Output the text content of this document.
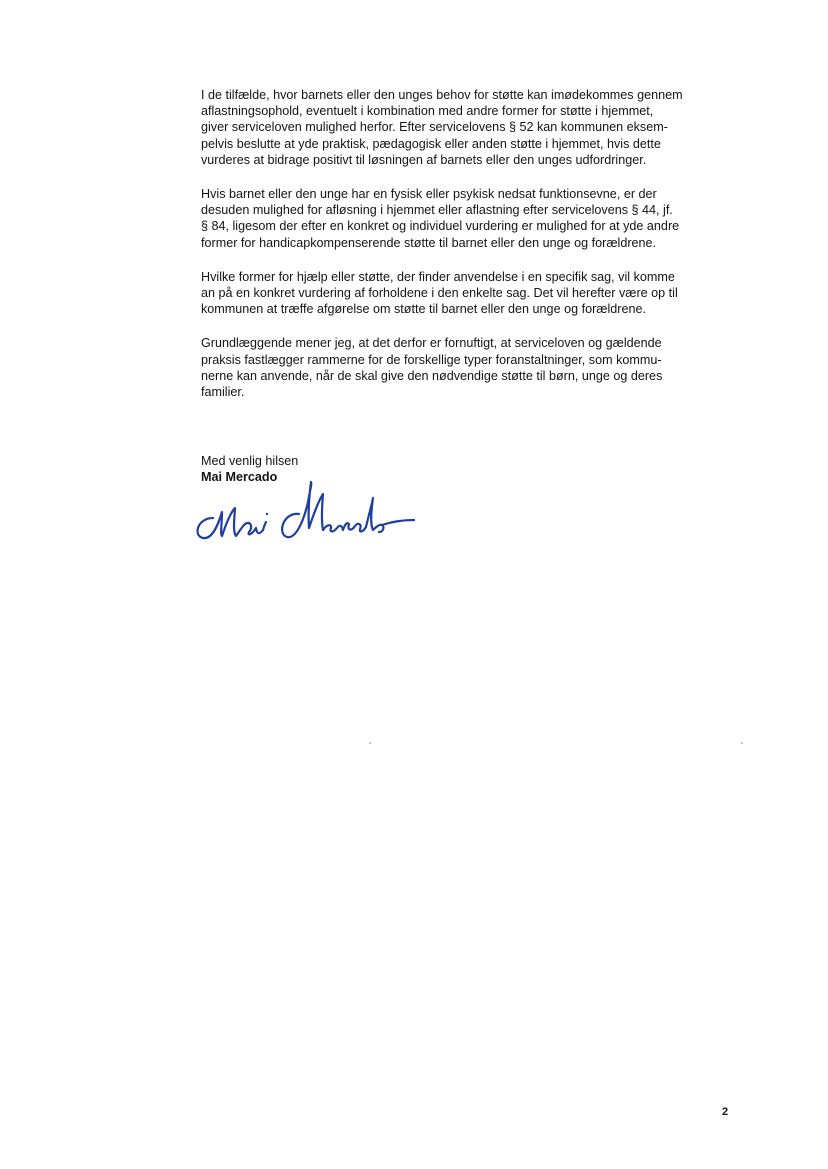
I de tilfælde, hvor barnets eller den unges behov for støtte kan imødekommes gennem
aflastningsophold, eventuelt i kombination med andre former for støtte i hjemmet,
giver serviceloven mulighed herfor. Efter servicelovens § 52 kan kommunen eksem-
pelvis beslutte at yde praktisk, pædagogisk eller anden støtte i hjemmet, hvis dette
vurderes at bidrage positivt til løsningen af barnets eller den unges udfordringer.

Hvis barnet eller den unge har en fysisk eller psykisk nedsat funktionsevne, er der
desuden mulighed for afløsning i hjemmet eller aflastning efter servicelovens § 44, jf.
§ 84, ligesom der efter en konkret og individuel vurdering er mulighed for at yde andre
former for handicapkompenserende støtte til barnet eller den unge og forældrene.

Hvilke former for hjælp eller støtte, der finder anvendelse i en specifik sag, vil komme
an på en konkret vurdering af forholdene i den enkelte sag. Det vil herefter være op til
kommunen at træffe afgørelse om støtte til barnet eller den unge og forældrene.

Grundlæggende mener jeg, at det derfor er fornuftigt, at serviceloven og gældende
praksis fastlægger rammerne for de forskellige typer foranstaltninger, som kommu-
nerne kan anvende, når de skal give den nødvendige støtte til børn, unge og deres
familier.

Med venlig hilsen
Mai Mercado
2
